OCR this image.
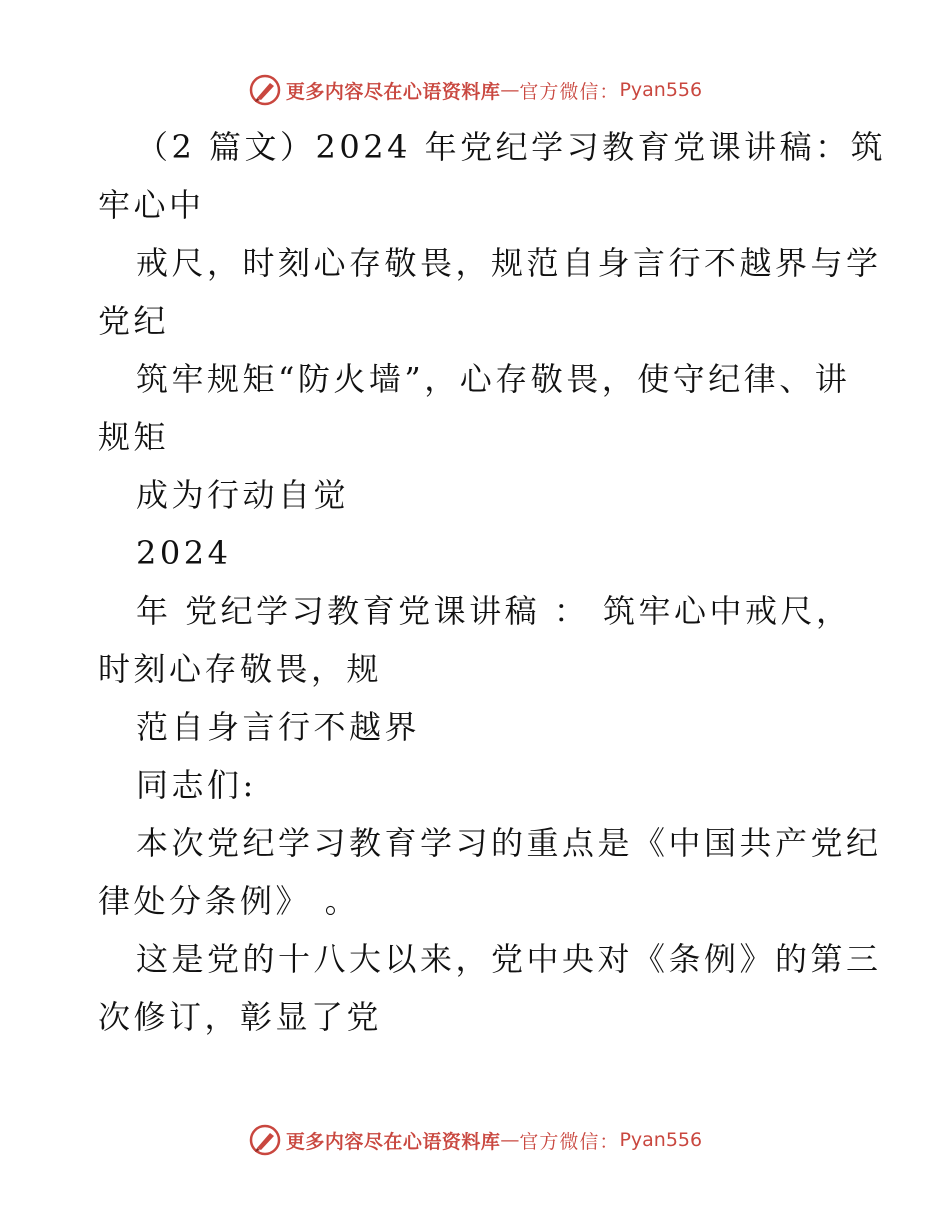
更多内容尽在心语资料库 — 官方微信： Pyan556
（2 篇文）2024 年党纪学习教育党课讲稿：筑
牢心中
戒尺，时刻心存敬畏，规范自身言行不越界与学
党纪
筑牢规矩“防火墙”，心存敬畏，使守纪律、讲
规矩
成为行动自觉
2024
年 党纪学习教育党课讲稿 ： 筑牢心中戒尺，
时刻心存敬畏，规
范自身言行不越界
同志们:
本次党纪学习教育学习的重点是《中国共产党纪
律处分条例》 。
这是党的十八大以来，党中央对《条例》的第三
次修订，彰显了党
更多内容尽在心语资料库 — 官方微信： Pyan556
